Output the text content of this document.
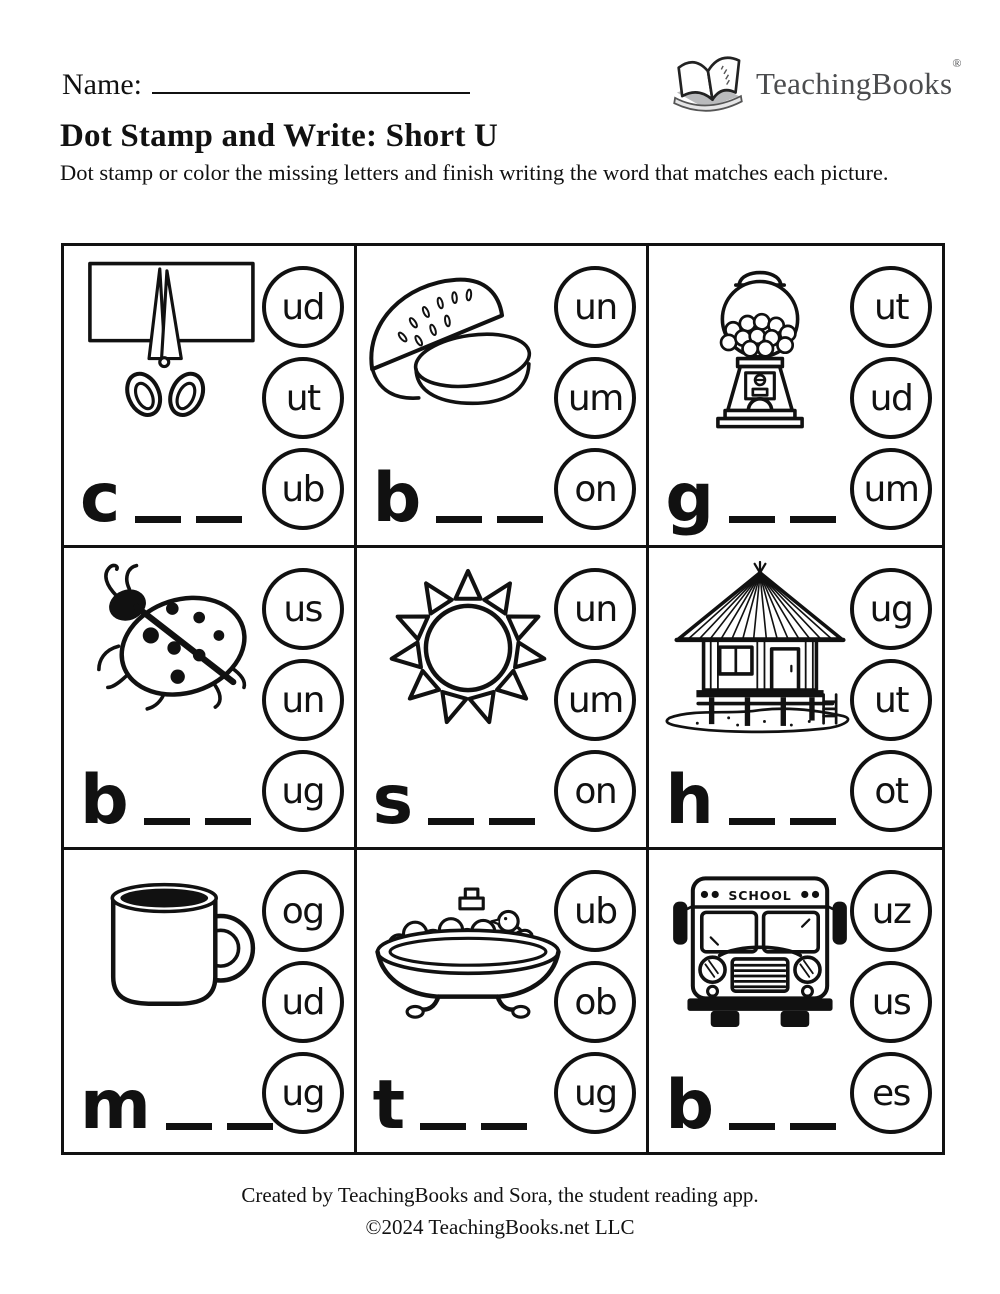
Name:	TeachingBooks®
Dot Stamp and Write: Short U

Dot stamp or color the missing letters and finish writing the word that matches each picture.

ud
ut
ub
c
un
um
on
b
ut
ud
um
g
us
un
ug
b
un
um
on
s
ug
ut
ot
h
og
ud
ug
m
ub
ob
ug
t
SCHOOL uz
us
es
b

Created by TeachingBooks and Sora, the student reading app.

©2024 TeachingBooks.net LLC
